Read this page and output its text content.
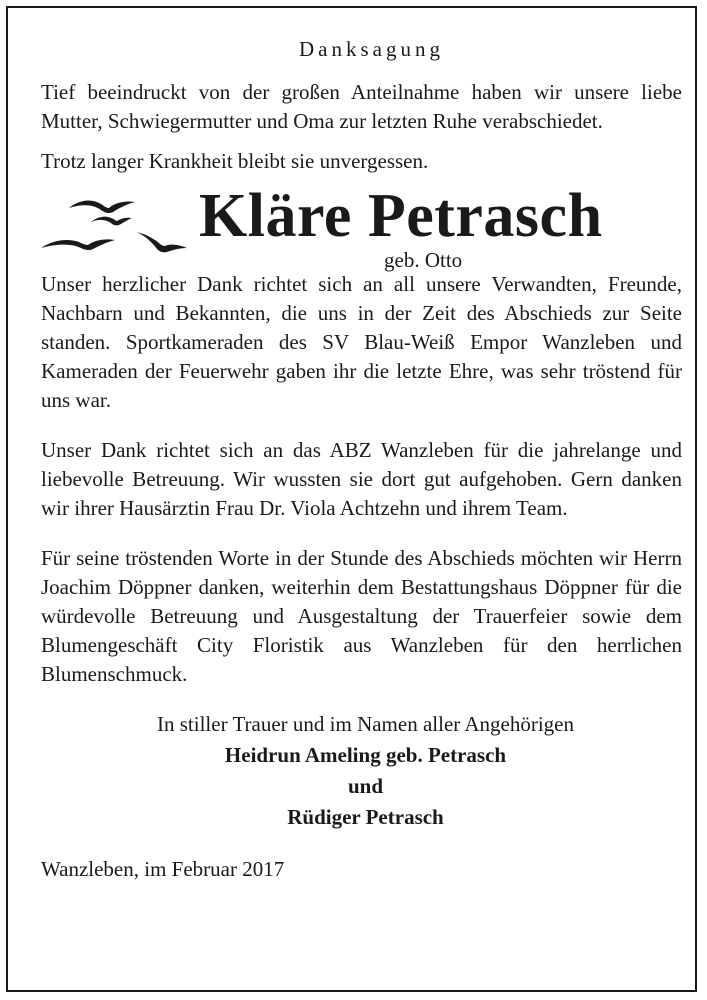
Danksagung

Tief beeindruckt von der großen Anteilnahme haben wir unsere liebe Mutter, Schwiegermutter und Oma zur letzten Ruhe verabschiedet.

Trotz langer Krankheit bleibt sie unvergessen.

Kläre Petrasch
geb. Otto

Unser herzlicher Dank richtet sich an all unsere Verwandten, Freunde, Nachbarn und Bekannten, die uns in der Zeit des Abschieds zur Seite standen. Sportkameraden des SV Blau-Weiß Empor Wanzleben und Kameraden der Feuerwehr gaben ihr die letzte Ehre, was sehr tröstend für uns war.

Unser Dank richtet sich an das ABZ Wanzleben für die jahrelange und liebevolle Betreuung. Wir wussten sie dort gut aufgehoben. Gern danken wir ihrer Hausärztin Frau Dr. Viola Achtzehn und ihrem Team.

Für seine tröstenden Worte in der Stunde des Abschieds möchten wir Herrn Joachim Döppner danken, weiterhin dem Bestattungshaus Döppner für die würdevolle Betreuung und Ausgestaltung der Trauerfeier sowie dem Blumengeschäft City Floristik aus Wanzleben für den herrlichen Blumenschmuck.

In stiller Trauer und im Namen aller Angehörigen
Heidrun Ameling geb. Petrasch
und
Rüdiger Petrasch
Wanzleben, im Februar 2017
